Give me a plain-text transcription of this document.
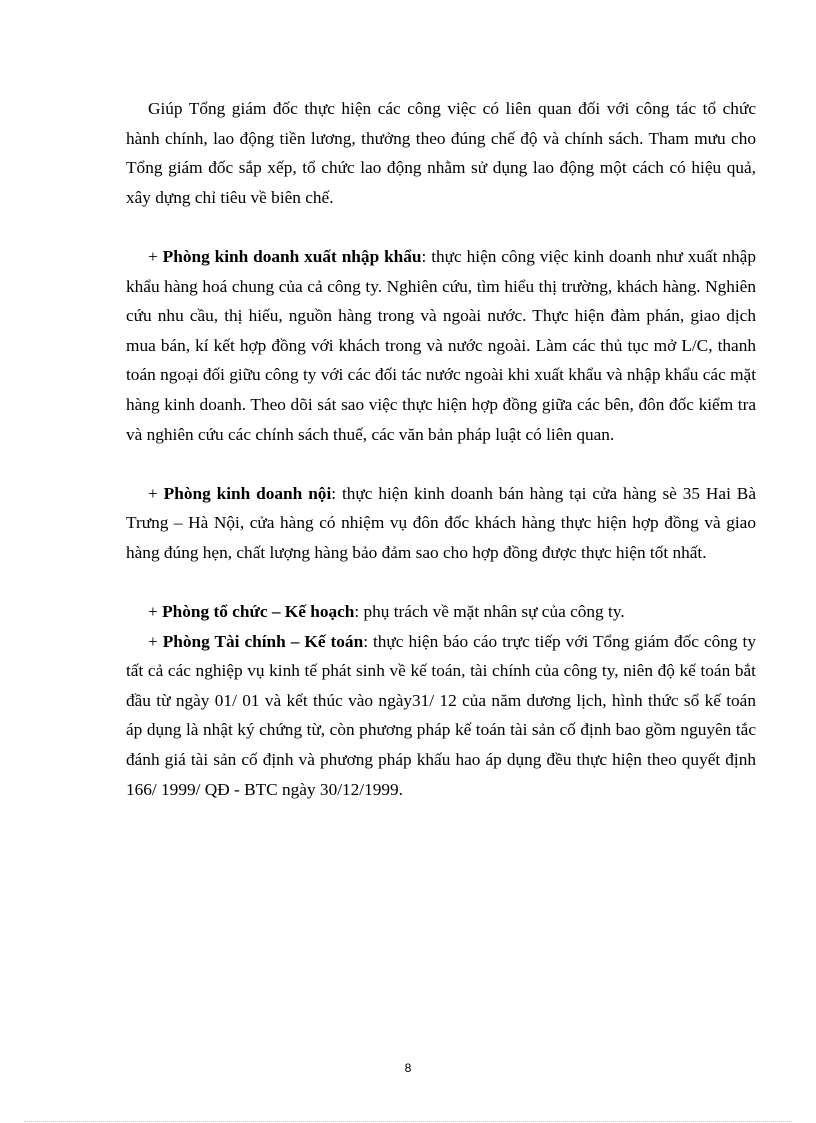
Giúp Tổng giám đốc thực hiện các công việc có liên quan đối với công tác tổ chức hành chính, lao động tiền lương, thưởng theo đúng chế độ và chính sách. Tham mưu cho Tổng giám đốc sắp xếp, tổ chức lao động nhằm sử dụng lao động một cách có hiệu quả, xây dựng chỉ tiêu về biên chế.

+ Phòng kinh doanh xuất nhập khẩu: thực hiện công việc kinh doanh như xuất nhập khẩu hàng hoá chung của cả công ty. Nghiên cứu, tìm hiểu thị trường, khách hàng. Nghiên cứu nhu cầu, thị hiếu, nguồn hàng trong và ngoài nước. Thực hiện đàm phán, giao dịch mua bán, kí kết hợp đồng với khách trong và nước ngoài. Làm các thủ tục mở L/C, thanh toán ngoại đối giữu công ty với các đối tác nước ngoài khi xuất khẩu và nhập khẩu các mặt hàng kinh doanh. Theo dõi sát sao việc thực hiện hợp đồng giữa các bên, đôn đốc kiểm tra và nghiên cứu các chính sách thuế, các văn bản pháp luật có liên quan.

+ Phòng kinh doanh nội: thực hiện kinh doanh bán hàng tại cửa hàng sè 35 Hai Bà Trưng – Hà Nội, cửa hàng có nhiệm vụ đôn đốc khách hàng thực hiện hợp đồng và giao hàng đúng hẹn, chất lượng hàng bảo đảm sao cho hợp đồng được thực hiện tốt nhất.

+ Phòng tổ chức – Kế hoạch: phụ trách về mặt nhân sự của công ty.

+ Phòng Tài chính – Kế toán: thực hiện báo cáo trực tiếp với Tổng giám đốc công ty tất cả các nghiệp vụ kinh tế phát sinh về kế toán, tài chính của công ty, niên độ kế toán bắt đầu từ ngày 01/ 01 và kết thúc vào ngày31/ 12 của năm dương lịch, hình thức sổ kế toán áp dụng là nhật ký chứng từ, còn phương pháp kế toán tài sản cố định bao gồm nguyên tắc đánh giá tài sản cố định và phương pháp khấu hao áp dụng đều thực hiện theo quyết định 166/ 1999/ QĐ - BTC ngày 30/12/1999.

8
